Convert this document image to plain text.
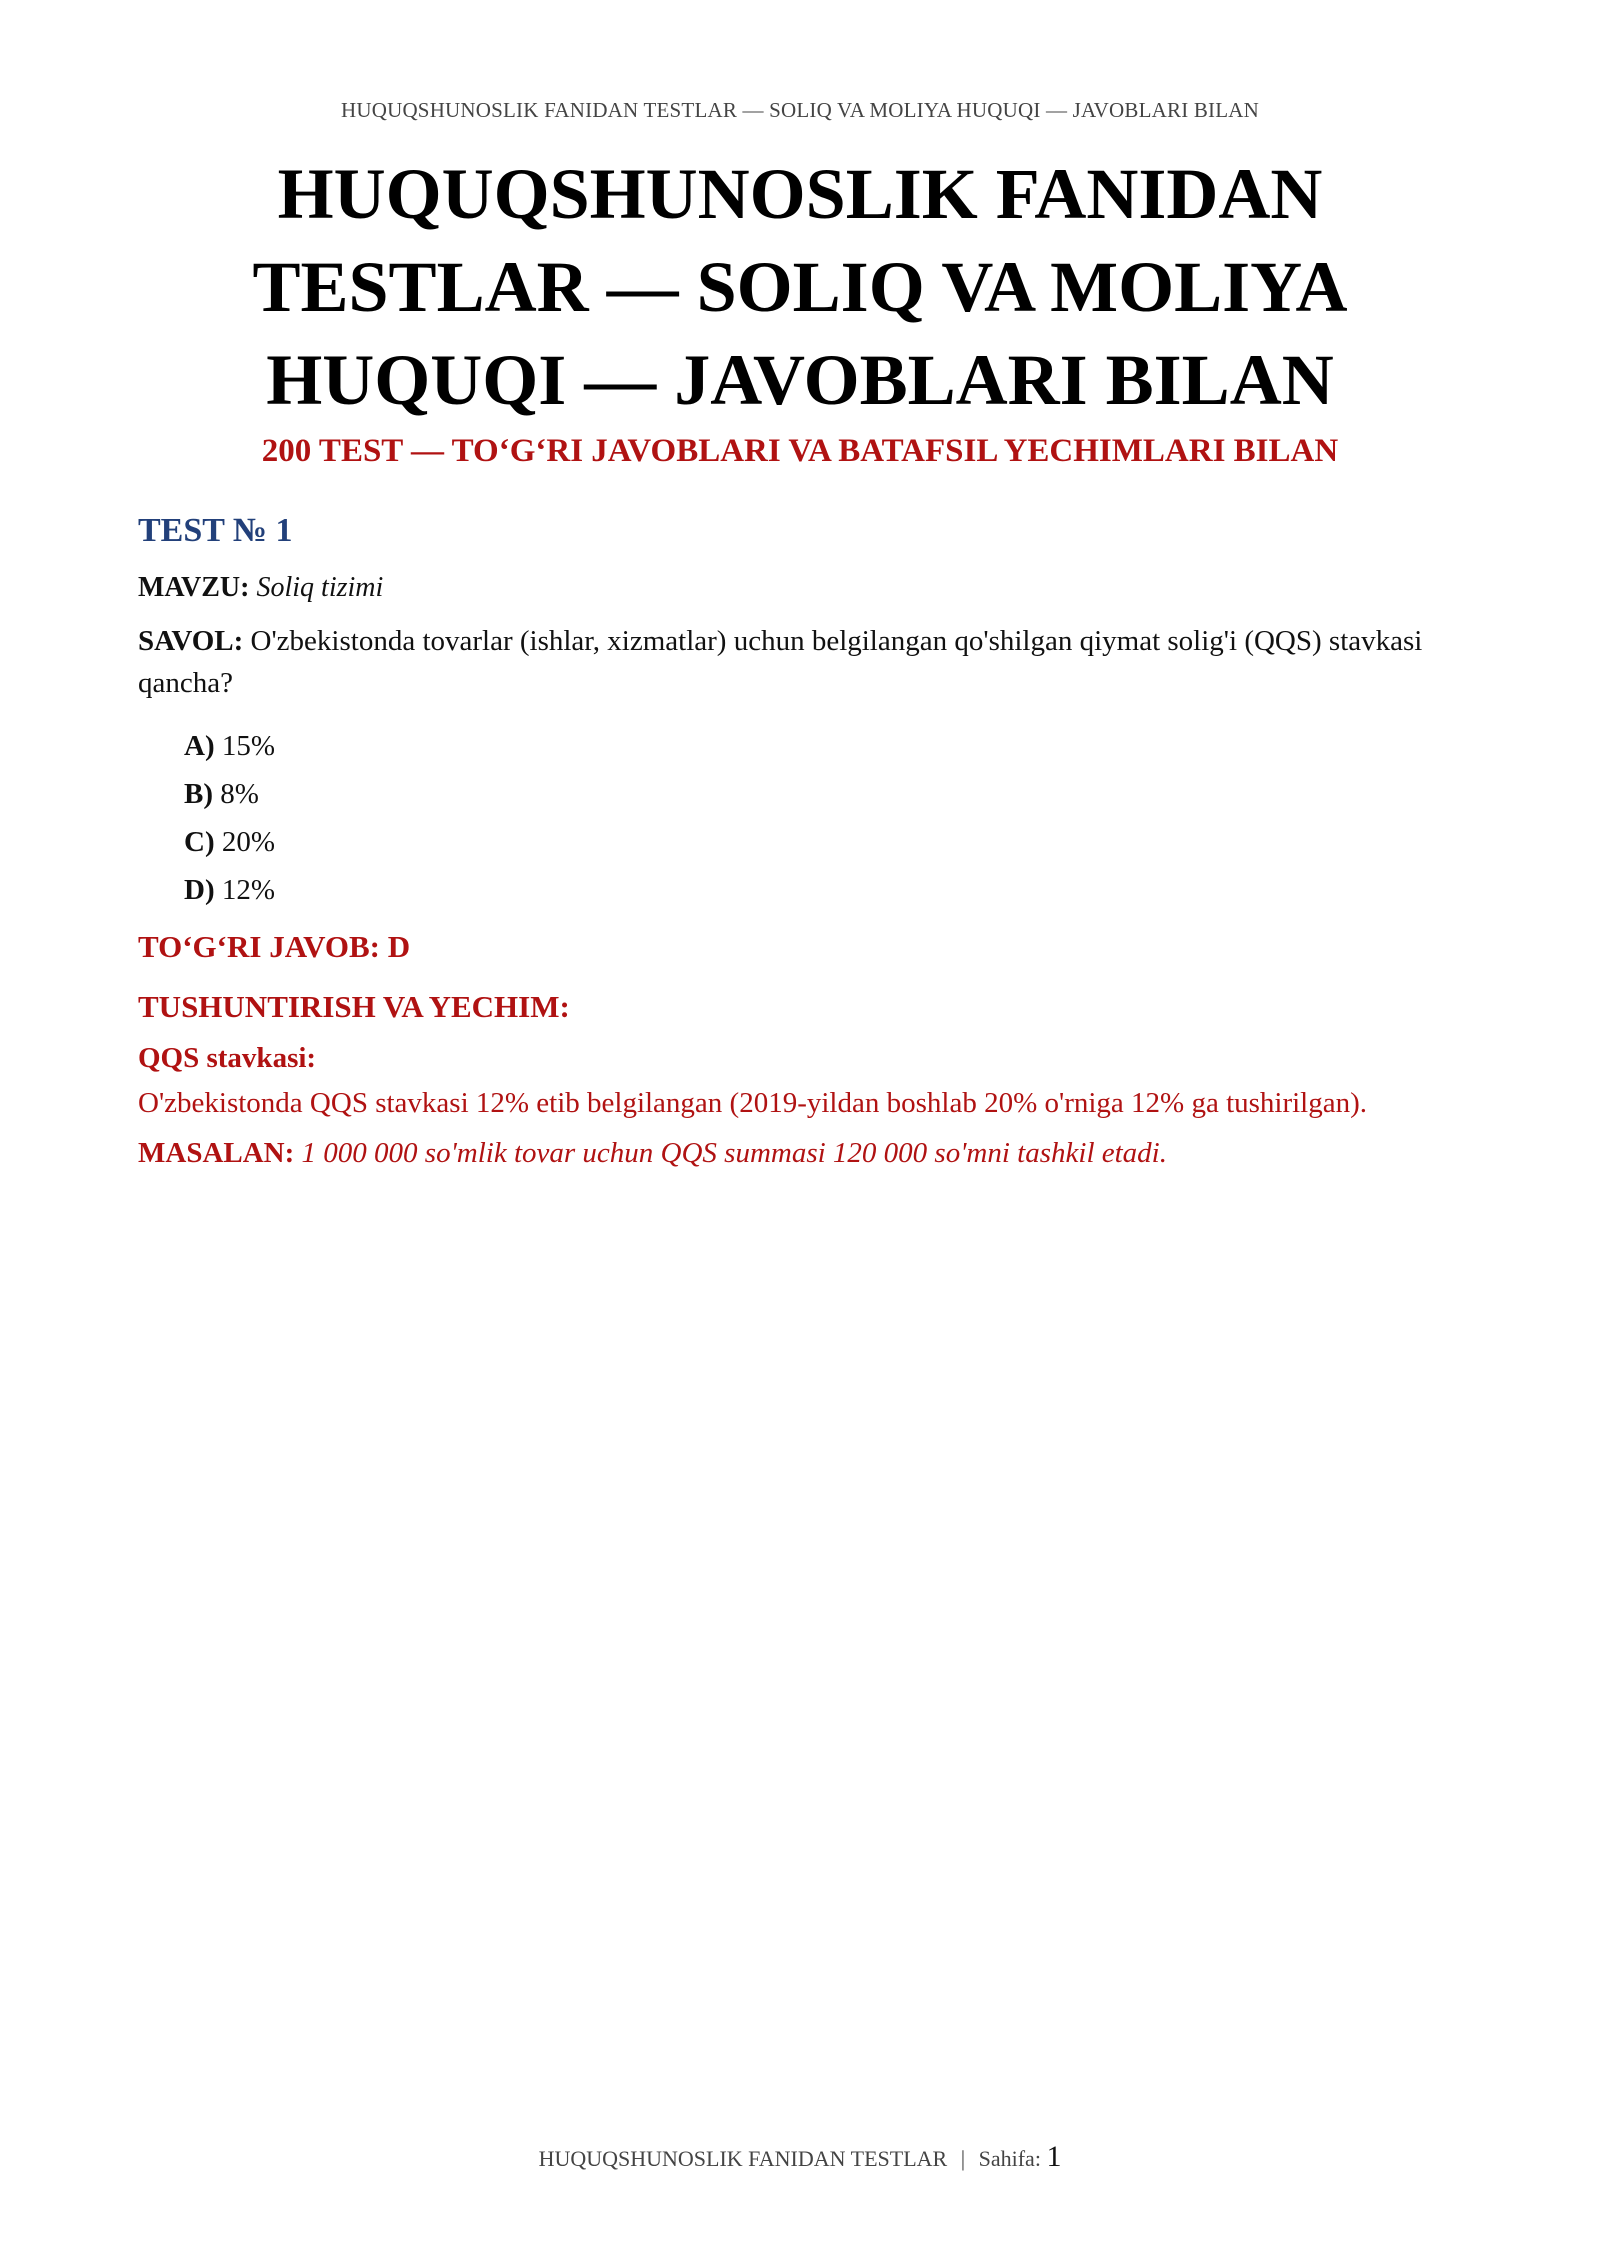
HUQUQSHUNOSLIK FANIDAN TESTLAR — SOLIQ VA MOLIYA HUQUQI — JAVOBLARI BILAN
HUQUQSHUNOSLIK FANIDAN TESTLAR — SOLIQ VA MOLIYA HUQUQI — JAVOBLARI BILAN
200 TEST — TO‘G‘RI JAVOBLARI VA BATAFSIL YECHIMLARI BILAN
TEST № 1

MAVZU: Soliq tizimi

SAVOL: O'zbekistonda tovarlar (ishlar, xizmatlar) uchun belgilangan qo'shilgan qiymat solig'i (QQS) stavkasi qancha?

A) 15%
B) 8%
C) 20%
D) 12%
TO‘G‘RI JAVOB: D
TUSHUNTIRISH VA YECHIM:
QQS stavkasi:

O'zbekistonda QQS stavkasi 12% etib belgilangan (2019-yildan boshlab 20% o'rniga 12% ga tushirilgan).

MASALAN: 1 000 000 so'mlik tovar uchun QQS summasi 120 000 so'mni tashkil etadi.

HUQUQSHUNOSLIK FANIDAN TESTLAR | Sahifa: 1
